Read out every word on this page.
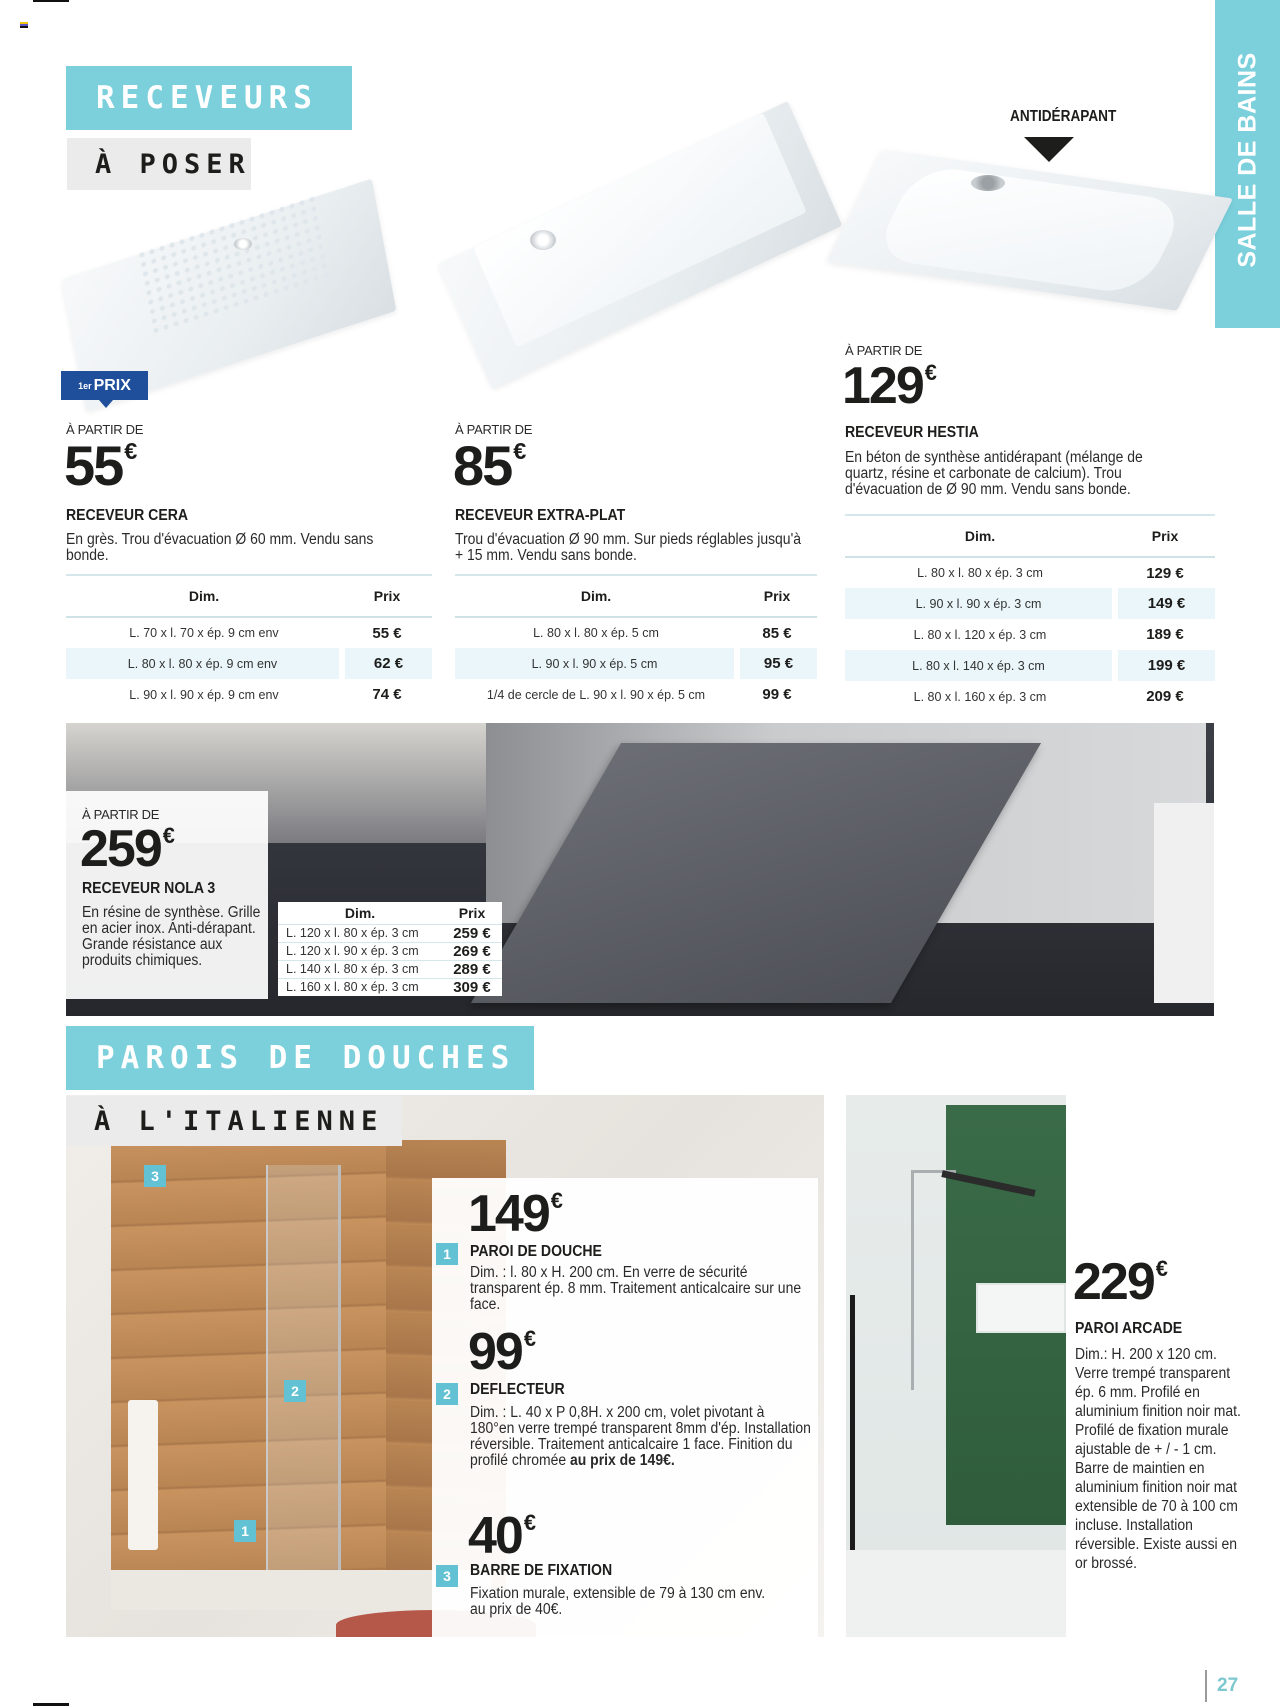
SALLE DE BAINS
RECEVEURS
À POSER
1er PRIX
ANTIDÉRAPANT
À PARTIR DE
55€
RECEVEUR CERA
En grès. Trou d'évacuation Ø 60 mm. Vendu sans bonde.
Dim.	Prix
L. 70 x l. 70 x ép. 9 cm env	55 €
L. 80 x l. 80 x ép. 9 cm env	62 €
L. 90 x l. 90 x ép. 9 cm env	74 €
À PARTIR DE
85€
RECEVEUR EXTRA-PLAT
Trou d'évacuation Ø 90 mm. Sur pieds réglables jusqu'à + 15 mm. Vendu sans bonde.
Dim.	Prix
L. 80 x l. 80 x ép. 5 cm	85 €
L. 90 x l. 90 x ép. 5 cm	95 €
1/4 de cercle de L. 90 x l. 90 x ép. 5 cm	99 €
À PARTIR DE
129€
RECEVEUR HESTIA
En béton de synthèse antidérapant (mélange de quartz, résine et carbonate de calcium). Trou d'évacuation de Ø 90 mm. Vendu sans bonde.
Dim.	Prix
L. 80 x l. 80 x ép. 3 cm	129 €
L. 90 x l. 90 x ép. 3 cm	149 €
L. 80 x l. 120 x ép. 3 cm	189 €
L. 80 x l. 140 x ép. 3 cm	199 €
L. 80 x l. 160 x ép. 3 cm	209 €
À PARTIR DE
259€
RECEVEUR NOLA 3
En résine de synthèse. Grille en acier inox. Anti-dérapant. Grande résistance aux produits chimiques.
Dim.	Prix
L. 120 x l. 80 x ép. 3 cm	259 €
L. 120 x l. 90 x ép. 3 cm	269 €
L. 140 x l. 80 x ép. 3 cm	289 €
L. 160 x l. 80 x ép. 3 cm	309 €
PAROIS DE DOUCHES
3
2
1
À L'ITALIENNE
149€
1	PAROI DE DOUCHE
Dim. : l. 80 x H. 200 cm. En verre de sécurité transparent ép. 8 mm. Traitement anticalcaire sur une face.
99€
2	DEFLECTEUR
Dim. : L. 40 x P 0,8H. x 200 cm, volet pivotant à 180°en verre trempé transparent 8mm d'ép. Installation réversible. Traitement anticalcaire 1 face. Finition du profilé chromée au prix de 149€.
40€
3	BARRE DE FIXATION
Fixation murale, extensible de 79 à 130 cm env. au prix de 40€.
229€
PAROI ARCADE
Dim.: H. 200 x 120 cm. Verre trempé transparent ép. 6 mm. Profilé en aluminium finition noir mat. Profilé de fixation murale ajustable de + / - 1 cm. Barre de maintien en aluminium finition noir mat extensible de 70 à 100 cm incluse. Installation réversible. Existe aussi en or brossé.
27
